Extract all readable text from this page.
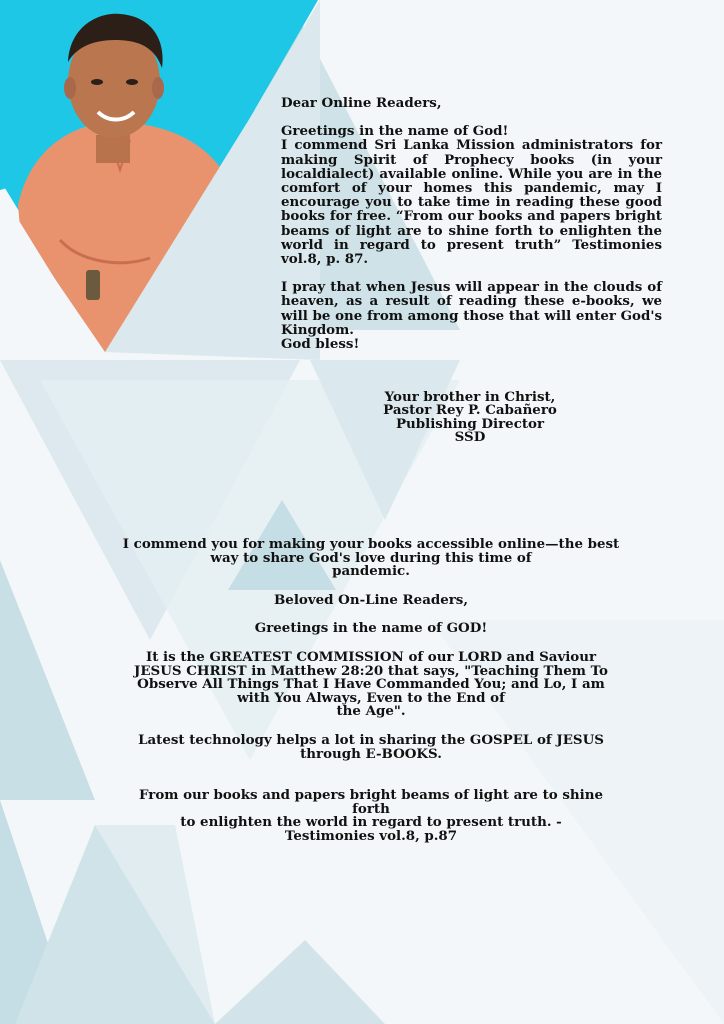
Dear Online Readers,

Greetings in the name of God!

I commend Sri Lanka Mission administrators for making Spirit of Prophecy books (in your localdialect) available online. While you are in the comfort of your homes this pandemic, may I encourage you to take time in reading these good books for free. “From our books and papers bright beams of light are to shine forth to enlighten the world in regard to present truth” Testimonies vol.8, p. 87.

I pray that when Jesus will appear in the clouds of heaven, as a result of reading these e-books, we will be one from among those that will enter God's Kingdom.

God bless!

Your brother in Christ,

Pastor Rey P. Cabañero

Publishing Director

SSD

I commend you for making your books accessible online—the best

way to share God's love during this time of

pandemic.

Beloved On-Line Readers,

Greetings in the name of GOD!

It is the GREATEST COMMISSION of our LORD and Saviour

JESUS CHRIST in Matthew 28:20 that says, "Teaching Them To

Observe All Things That I Have Commanded You; and Lo, I am

with You Always, Even to the End of

the Age".

Latest technology helps a lot in sharing the GOSPEL of JESUS

through E-BOOKS.

From our books and papers bright beams of light are to shine forth

to enlighten the world in regard to present truth. -

Testimonies vol.8, p.87
